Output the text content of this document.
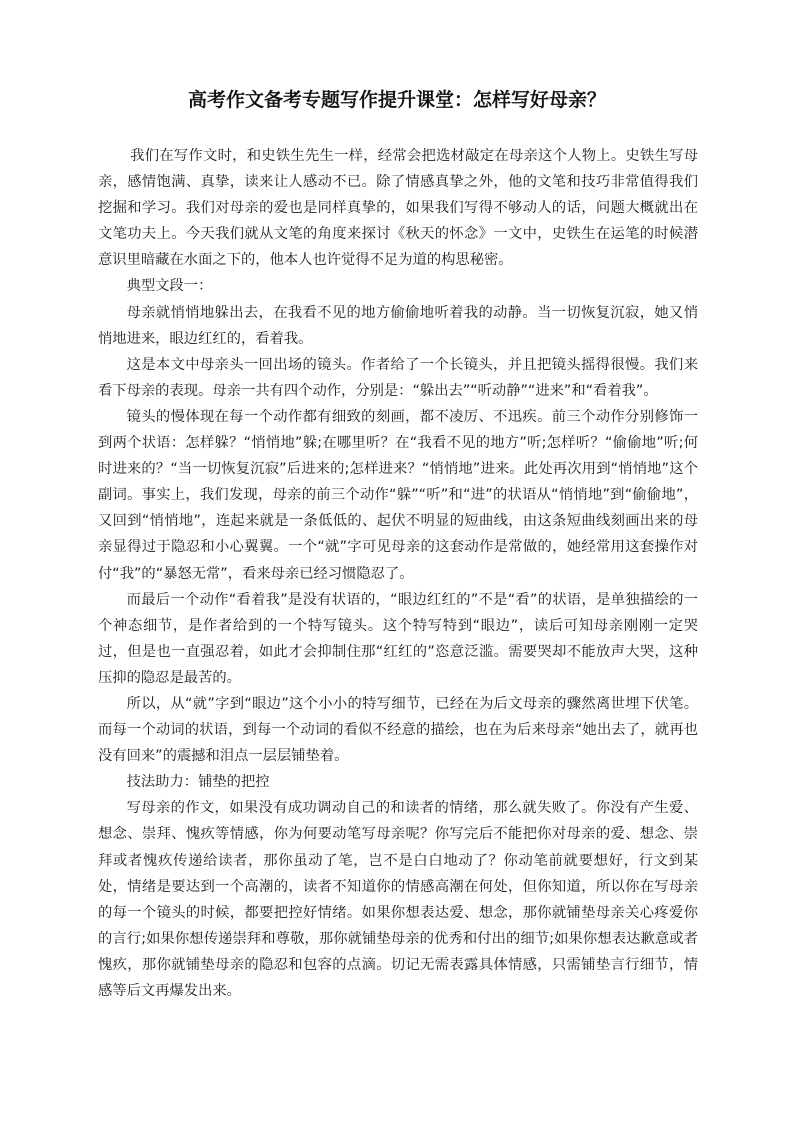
高考作文备考专题写作提升课堂：怎样写好母亲？

我们在写作文时，和史铁生先生一样，经常会把选材敲定在母亲这个人物上。史铁生写母亲，感情饱满、真挚，读来让人感动不已。除了情感真挚之外，他的文笔和技巧非常值得我们挖掘和学习。我们对母亲的爱也是同样真挚的，如果我们写得不够动人的话，问题大概就出在文笔功夫上。今天我们就从文笔的角度来探讨《秋天的怀念》一文中，史铁生在运笔的时候潜意识里暗藏在水面之下的，他本人也许觉得不足为道的构思秘密。

典型文段一：

母亲就悄悄地躲出去，在我看不见的地方偷偷地听着我的动静。当一切恢复沉寂，她又悄悄地进来，眼边红红的，看着我。

这是本文中母亲头一回出场的镜头。作者给了一个长镜头，并且把镜头摇得很慢。我们来看下母亲的表现。母亲一共有四个动作，分别是：“躲出去”“听动静”“进来”和“看着我”。

镜头的慢体现在每一个动作都有细致的刻画，都不凌厉、不迅疾。前三个动作分别修饰一到两个状语：怎样躲？“悄悄地”躲;在哪里听？在“我看不见的地方”听;怎样听？“偷偷地”听;何时进来的？“当一切恢复沉寂”后进来的;怎样进来？“悄悄地”进来。此处再次用到“悄悄地”这个副词。事实上，我们发现，母亲的前三个动作“躲”“听”和“进”的状语从“悄悄地”到“偷偷地”，又回到“悄悄地”，连起来就是一条低低的、起伏不明显的短曲线，由这条短曲线刻画出来的母亲显得过于隐忍和小心翼翼。一个“就”字可见母亲的这套动作是常做的，她经常用这套操作对付“我”的“暴怒无常”，看来母亲已经习惯隐忍了。

而最后一个动作“看着我”是没有状语的，“眼边红红的”不是“看”的状语，是单独描绘的一个神态细节，是作者给到的一个特写镜头。这个特写特到“眼边”，读后可知母亲刚刚一定哭过，但是也一直强忍着，如此才会抑制住那“红红的”恣意泛滥。需要哭却不能放声大哭，这种压抑的隐忍是最苦的。

所以，从“就”字到“眼边”这个小小的特写细节，已经在为后文母亲的骤然离世埋下伏笔。而每一个动词的状语，到每一个动词的看似不经意的描绘，也在为后来母亲“她出去了，就再也没有回来”的震撼和泪点一层层铺垫着。

技法助力：铺垫的把控

写母亲的作文，如果没有成功调动自己的和读者的情绪，那么就失败了。你没有产生爱、想念、崇拜、愧疚等情感，你为何要动笔写母亲呢？你写完后不能把你对母亲的爱、想念、崇拜或者愧疚传递给读者，那你虽动了笔，岂不是白白地动了？你动笔前就要想好，行文到某处，情绪是要达到一个高潮的，读者不知道你的情感高潮在何处，但你知道，所以你在写母亲的每一个镜头的时候，都要把控好情绪。如果你想表达爱、想念，那你就铺垫母亲关心疼爱你的言行;如果你想传递崇拜和尊敬，那你就铺垫母亲的优秀和付出的细节;如果你想表达歉意或者愧疚，那你就铺垫母亲的隐忍和包容的点滴。切记无需表露具体情感，只需铺垫言行细节，情感等后文再爆发出来。
